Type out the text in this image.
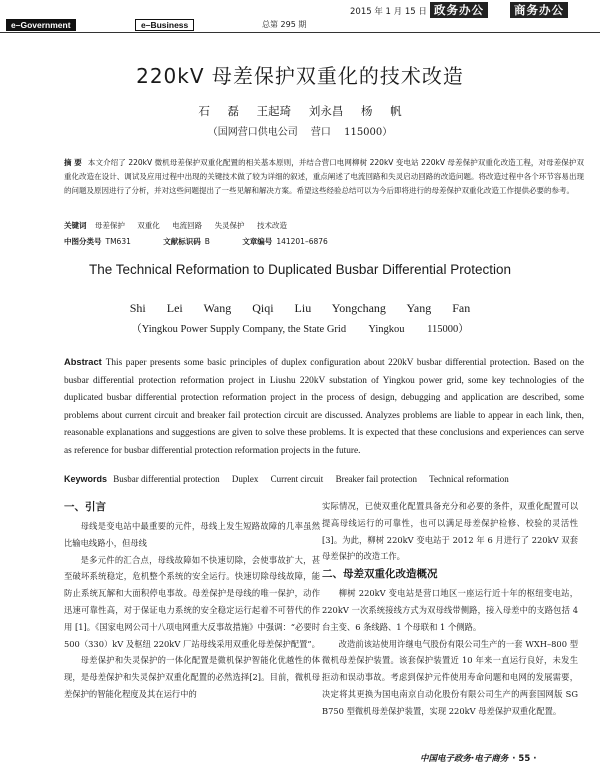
e–Government	e–Business	总第 295 期
2015 年 1 月 15 日 政务办公	商务办公
220kV 母差保护双重化的技术改造
石 磊 王起琦 刘永昌 杨 帆
（国网营口供电公司 营口 115000）
摘 要 本文介绍了 220kV 微机母差保护双重化配置的相关基本原则，并结合营口电网柳树 220kV 变电站 220kV 母差保护双重化改造工程，对母差保护双重化改造在设计、调试及应用过程中出现的关键技术做了较为详细的叙述，重点阐述了电流回路和失灵启动回路的改造问题。将改造过程中各个环节容易出现的问题及原因进行了分析，并对这些问题提出了一些见解和解决方案。希望这些经验总结可以为今后即将进行的母差保护双重化改造工作提供必要的参考。
关键词 母差保护 双重化 电流回路 失灵保护 技术改造
中图分类号 TM631	文献标识码 B	文章编号 141201–6876
The Technical Reformation to Duplicated Busbar Differential Protection
Shi Lei Wang Qiqi Liu Yongchang Yang Fan
（Yingkou Power Supply Company, the State Grid Yingkou 115000）
Abstract This paper presents some basic principles of duplex configuration about 220kV busbar differential protection. Based on the busbar differential protection reformation project in Liushu 220kV substation of Yingkou power grid, some key technologies of the duplicated busbar differential protection reformation project in the process of design, debugging and application are described, some problems about current circuit and breaker fail protection circuit are discussed. Analyzes problems are liable to appear in each link, then, reasonable explanations and suggestions are given to solve these problems. It is expected that these conclusions and experiences can serve as reference for busbar differential protection reformation projects in the future.
Keywords Busbar differential protection Duplex Current circuit Breaker fail protection Technical reformation
一、引言

母线是变电站中最重要的元件，母线上发生短路故障的几率虽然比输电线路小，但母线

是多元件的汇合点，母线故障如不快速切除，会使事故扩大，甚至破坏系统稳定，危机整个系统的安全运行。快速切除母线故障，能防止系统瓦解和大面积停电事故。母差保护是母线的唯一保护，动作迅速可靠性高，对于保证电力系统的安全稳定运行起着不可替代的作用 [1]。《国家电网公司十八项电网重大反事故措施》中强调：“必要时 500（330）kV 及枢纽 220kV 厂站母线采用双重化母差保护配置”。

母差保护和失灵保护的一体化配置是微机保护智能化优越性的体现，是母差保护和失灵保护双重化配置的必然选择[2]。目前，微机母差保护的智能化程度及其在运行中的

实际情况，已使双重化配置具备充分和必要的条件，双重化配置可以提高母线运行的可靠性，也可以满足母差保护检修、校验的灵活性[3]。为此，柳树 220kV 变电站于 2012 年 6 月进行了 220kV 双套母差保护的改造工作。

二、母差双重化改造概况

柳树 220kV 变电站是营口地区一座运行近十年的枢纽变电站，220kV 一次系统接线方式为双母线带侧路，接入母差中的支路包括 4 台主变、6 条线路、1 个母联和 1 个侧路。

改造前该站使用许继电气股份有限公司生产的一套 WXH–800 型微机母差保护装置。该套保护装置近 10 年来一直运行良好，未发生拒动和误动事故。考虑到保护元件使用寿命问题和电网的发展需要，决定将其更换为国电南京自动化股份有限公司生产的两套国网版 SG B750 型微机母差保护装置，实现 220kV 母差保护双重化配置。

中国电子政务·电子商务 · 55 ·
